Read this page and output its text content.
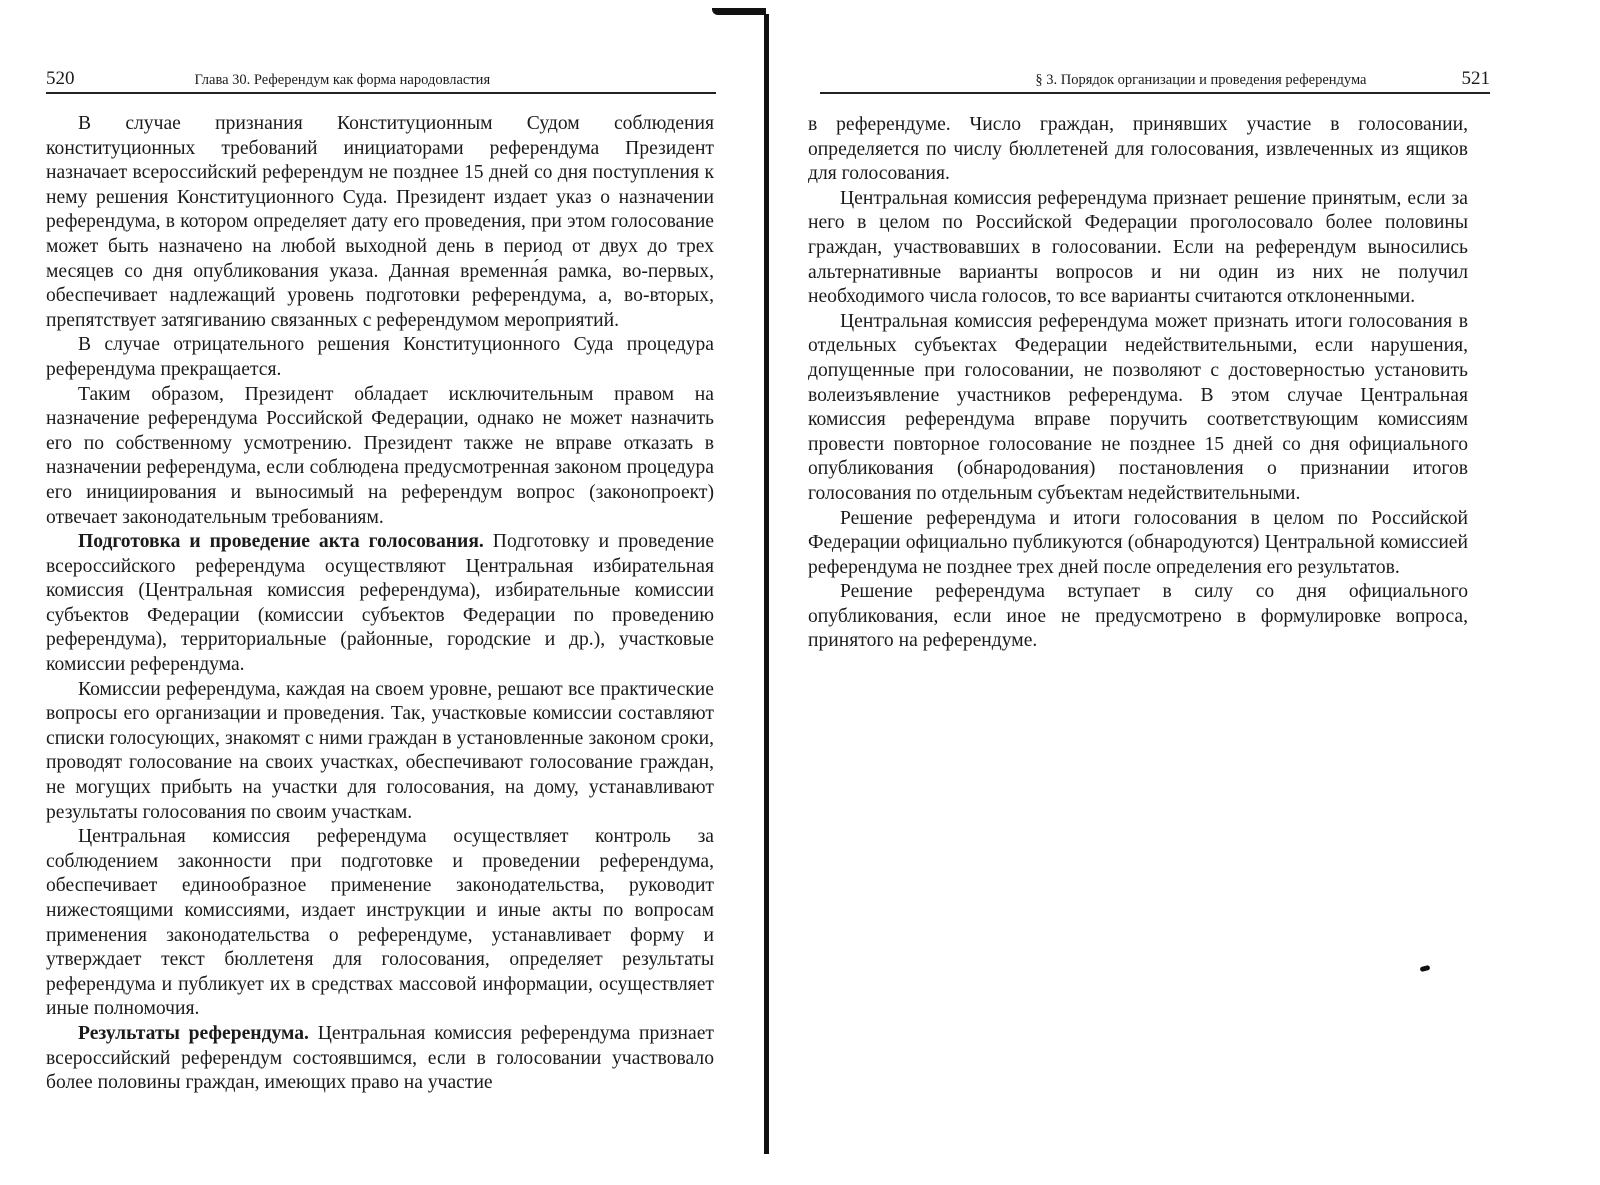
520	Глава 30. Референдум как форма народовластия

В случае признания Конституционным Судом соблюдения конституционных требований инициаторами референдума Президент назначает всероссийский референдум не позднее 15 дней со дня поступления к нему решения Конституционного Суда. Президент издает указ о назначении референдума, в котором определяет дату его проведения, при этом голосование может быть назначено на любой выходной день в период от двух до трех месяцев со дня опубликования указа. Данная временна́я рамка, во-первых, обеспечивает надлежащий уровень подготовки референдума, а, во-вторых, препятствует затягиванию связанных с референдумом мероприятий.

В случае отрицательного решения Конституционного Суда процедура референдума прекращается.

Таким образом, Президент обладает исключительным правом на назначение референдума Российской Федерации, однако не может назначить его по собственному усмотрению. Президент также не вправе отказать в назначении референдума, если соблюдена предусмотренная законом процедура его инициирования и выносимый на референдум вопрос (законопроект) отвечает законодательным требованиям.

Подготовка и проведение акта голосования. Подготовку и проведение всероссийского референдума осуществляют Центральная избирательная комиссия (Центральная комиссия референдума), избирательные комиссии субъектов Федерации (комиссии субъектов Федерации по проведению референдума), территориальные (районные, городские и др.), участковые комиссии референдума.

Комиссии референдума, каждая на своем уровне, решают все практические вопросы его организации и проведения. Так, участковые комиссии составляют списки голосующих, знакомят с ними граждан в установленные законом сроки, проводят голосование на своих участках, обеспечивают голосование граждан, не могущих прибыть на участки для голосования, на дому, устанавливают результаты голосования по своим участкам.

Центральная комиссия референдума осуществляет контроль за соблюдением законности при подготовке и проведении референдума, обеспечивает единообразное применение законодательства, руководит нижестоящими комиссиями, издает инструкции и иные акты по вопросам применения законодательства о референдуме, устанавливает форму и утверждает текст бюллетеня для голосования, определяет результаты референдума и публикует их в средствах массовой информации, осуществляет иные полномочия.

Результаты референдума. Центральная комиссия референдума признает всероссийский референдум состоявшимся, если в голосовании участвовало более половины граждан, имеющих право на участие

§ 3. Порядок организации и проведения референдума	521

в референдуме. Число граждан, принявших участие в голосовании, определяется по числу бюллетеней для голосования, извлеченных из ящиков для голосования.

Центральная комиссия референдума признает решение принятым, если за него в целом по Российской Федерации проголосовало более половины граждан, участвовавших в голосовании. Если на референдум выносились альтернативные варианты вопросов и ни один из них не получил необходимого числа голосов, то все варианты считаются отклоненными.

Центральная комиссия референдума может признать итоги голосования в отдельных субъектах Федерации недействительными, если нарушения, допущенные при голосовании, не позволяют с достоверностью установить волеизъявление участников референдума. В этом случае Центральная комиссия референдума вправе поручить соответствующим комиссиям провести повторное голосование не позднее 15 дней со дня официального опубликования (обнародования) постановления о признании итогов голосования по отдельным субъектам недействительными.

Решение референдума и итоги голосования в целом по Российской Федерации официально публикуются (обнародуются) Центральной комиссией референдума не позднее трех дней после определения его результатов.

Решение референдума вступает в силу со дня официального опубликования, если иное не предусмотрено в формулировке вопроса, принятого на референдуме.
